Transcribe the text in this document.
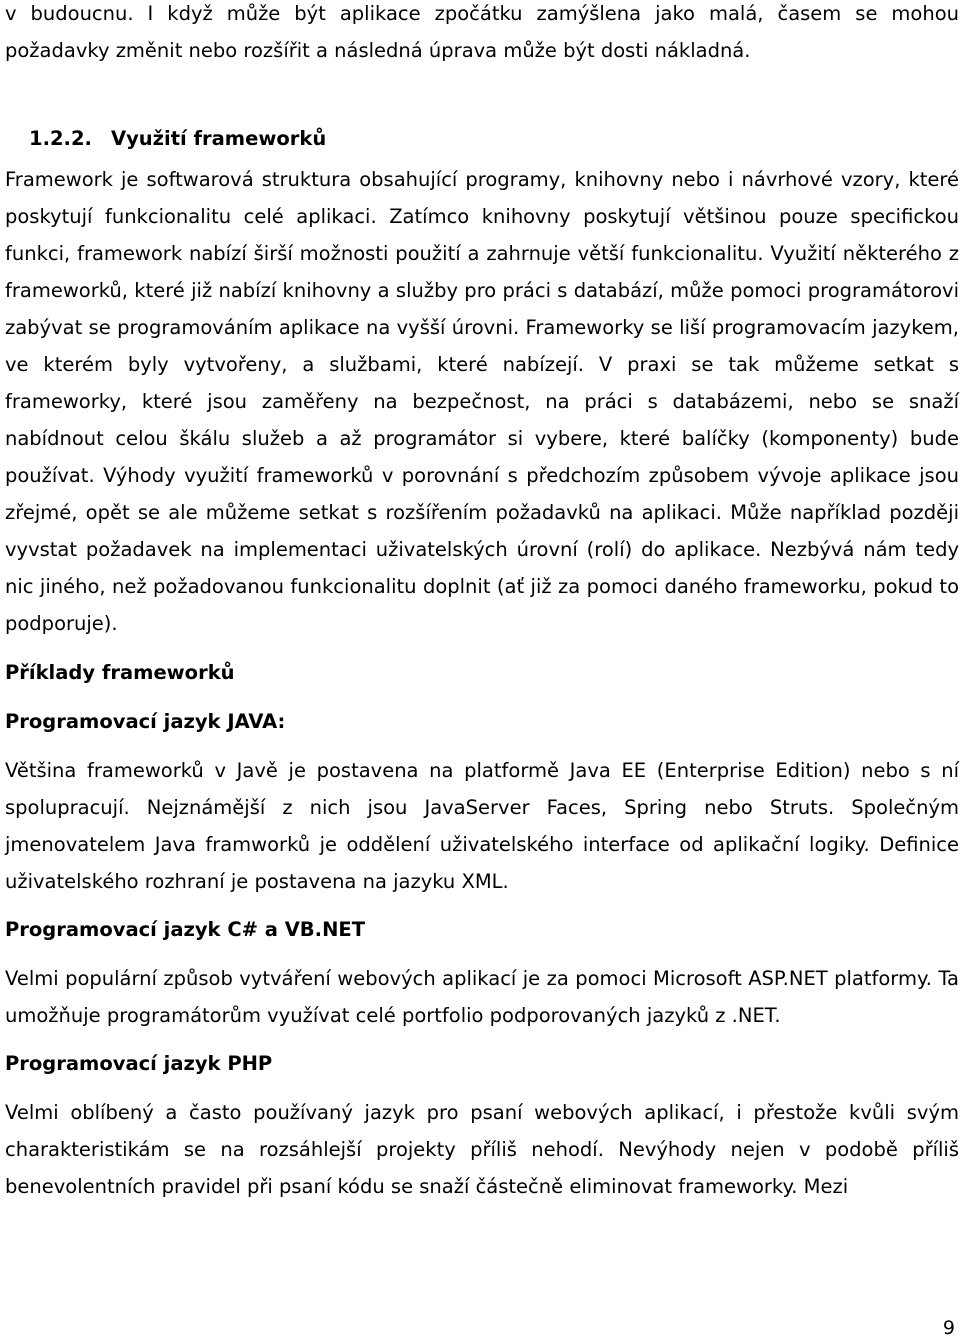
v budoucnu. I když může být aplikace zpočátku zamýšlena jako malá, časem se mohou požadavky změnit nebo rozšířit a následná úprava může být dosti nákladná.

1.2.2. Využití frameworků

Framework je softwarová struktura obsahující programy, knihovny nebo i návrhové vzory, které poskytují funkcionalitu celé aplikaci. Zatímco knihovny poskytují většinou pouze specifickou funkci, framework nabízí širší možnosti použití a zahrnuje větší funkcionalitu. Využití některého z frameworků, které již nabízí knihovny a služby pro práci s databází, může pomoci programátorovi zabývat se programováním aplikace na vyšší úrovni. Frameworky se liší programovacím jazykem, ve kterém byly vytvořeny, a službami, které nabízejí. V praxi se tak můžeme setkat s frameworky, které jsou zaměřeny na bezpečnost, na práci s databázemi, nebo se snaží nabídnout celou škálu služeb a až programátor si vybere, které balíčky (komponenty) bude používat. Výhody využití frameworků v porovnání s předchozím způsobem vývoje aplikace jsou zřejmé, opět se ale můžeme setkat s rozšířením požadavků na aplikaci. Může například později vyvstat požadavek na implementaci uživatelských úrovní (rolí) do aplikace. Nezbývá nám tedy nic jiného, než požadovanou funkcionalitu doplnit (ať již za pomoci daného frameworku, pokud to podporuje).

Příklady frameworků
Programovací jazyk JAVA:

Většina frameworků v Javě je postavena na platformě Java EE (Enterprise Edition) nebo s ní spolupracují. Nejznámější z nich jsou JavaServer Faces, Spring nebo Struts. Společným jmenovatelem Java framworků je oddělení uživatelského interface od aplikační logiky. Definice uživatelského rozhraní je postavena na jazyku XML.

Programovací jazyk C# a VB.NET

Velmi populární způsob vytváření webových aplikací je za pomoci Microsoft ASP.NET platformy. Ta umožňuje programátorům využívat celé portfolio podporovaných jazyků z .NET.

Programovací jazyk PHP

Velmi oblíbený a často používaný jazyk pro psaní webových aplikací, i přestože kvůli svým charakteristikám se na rozsáhlejší projekty příliš nehodí. Nevýhody nejen v podobě příliš benevolentních pravidel při psaní kódu se snaží částečně eliminovat frameworky. Mezi

9
